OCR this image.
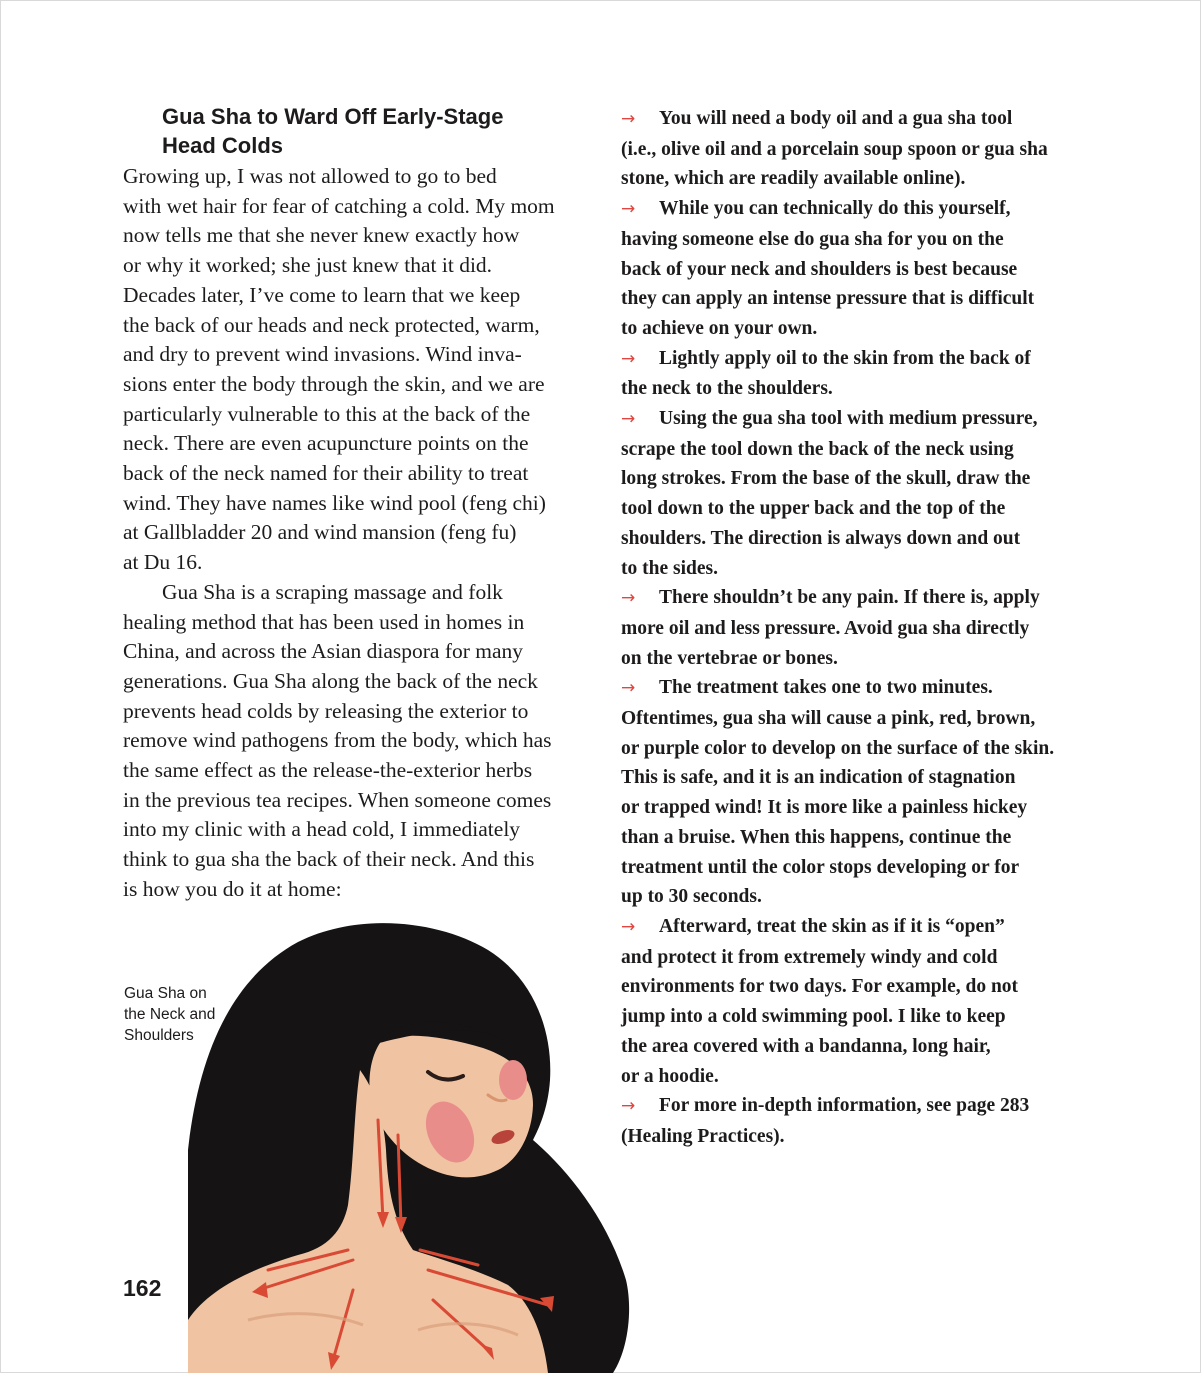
Gua Sha to Ward Off Early-Stage
Head Colds
Growing up, I was not allowed to go to bed
with wet hair for fear of catching a cold. My mom
now tells me that she never knew exactly how
or why it worked; she just knew that it did.
Decades later, I’ve come to learn that we keep
the back of our heads and neck protected, warm,
and dry to prevent wind invasions. Wind inva-
sions enter the body through the skin, and we are
particularly vulnerable to this at the back of the
neck. There are even acupuncture points on the
back of the neck named for their ability to treat
wind. They have names like wind pool (feng chi)
at Gallbladder 20 and wind mansion (feng fu)
at Du 16.
Gua Sha is a scraping massage and folk
healing method that has been used in homes in
China, and across the Asian diaspora for many
generations. Gua Sha along the back of the neck
prevents head colds by releasing the exterior to
remove wind pathogens from the body, which has
the same effect as the release-the-exterior herbs
in the previous tea recipes. When someone comes
into my clinic with a head cold, I immediately
think to gua sha the back of their neck. And this
is how you do it at home:
→ You will need a body oil and a gua sha tool
(i.e., olive oil and a porcelain soup spoon or gua sha
stone, which are readily available online).
→ While you can technically do this yourself,
having someone else do gua sha for you on the
back of your neck and shoulders is best because
they can apply an intense pressure that is difficult
to achieve on your own.
→ Lightly apply oil to the skin from the back of
the neck to the shoulders.
→ Using the gua sha tool with medium pressure,
scrape the tool down the back of the neck using
long strokes. From the base of the skull, draw the
tool down to the upper back and the top of the
shoulders. The direction is always down and out
to the sides.
→ There shouldn’t be any pain. If there is, apply
more oil and less pressure. Avoid gua sha directly
on the vertebrae or bones.
→ The treatment takes one to two minutes.
Oftentimes, gua sha will cause a pink, red, brown,
or purple color to develop on the surface of the skin.
This is safe, and it is an indication of stagnation
or trapped wind! It is more like a painless hickey
than a bruise. When this happens, continue the
treatment until the color stops developing or for
up to 30 seconds.
→ Afterward, treat the skin as if it is “open”
and protect it from extremely windy and cold
environments for two days. For example, do not
jump into a cold swimming pool. I like to keep
the area covered with a bandanna, long hair,
or a hoodie.
→ For more in-depth information, see page 283
(Healing Practices).
Gua Sha on
the Neck and
Shoulders
162
